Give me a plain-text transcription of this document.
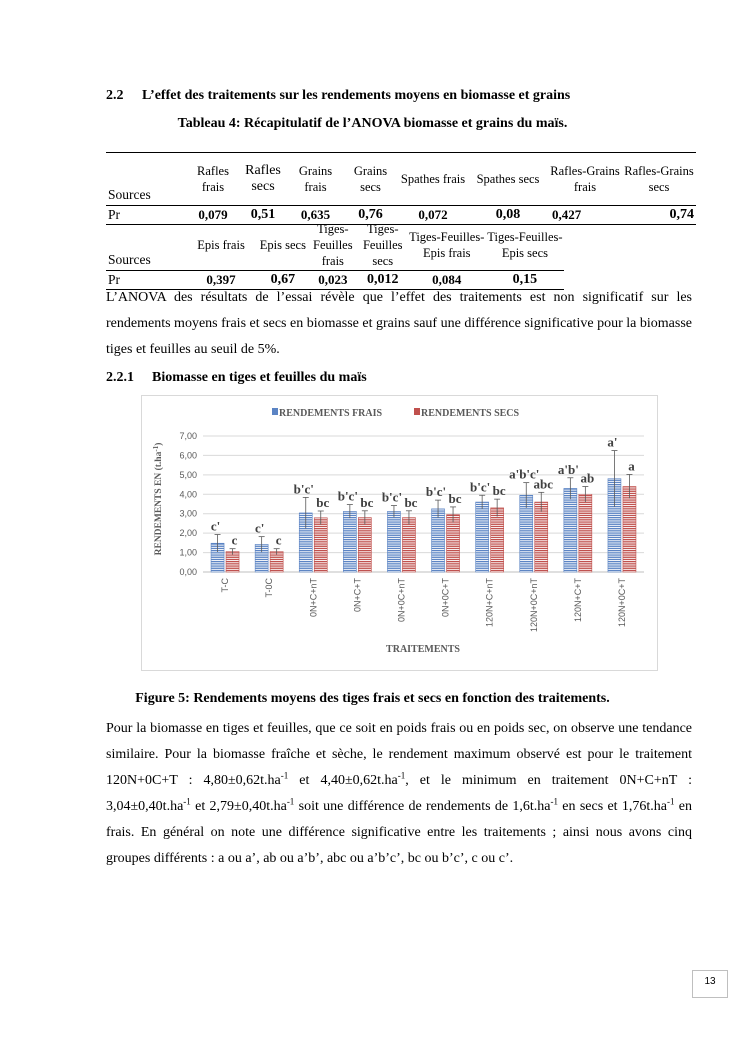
2.2 L’effet des traitements sur les rendements moyens en biomasse et grains
Tableau 4: Récapitulatif de l’ANOVA biomasse et grains du maïs.
Sources	Rafles frais	Rafles secs	Grains frais	Grains secs	Spathes frais	Spathes secs	Rafles-Grains frais	Rafles-Grains secs
Pr	0,079	0,51	0,635	0,76	0,072	0,08	0,427	0,74
Sources	Epis frais	Epis secs	Tiges-Feuilles frais	Tiges-Feuilles secs	Tiges-Feuilles-Epis frais	Tiges-Feuilles-Epis secs
Pr	0,397	0,67	0,023	0,012	0,084	0,15

L’ANOVA des résultats de l’essai révèle que l’effet des traitements est non significatif sur les rendements moyens frais et secs en biomasse et grains sauf une différence significative pour la biomasse tiges et feuilles au seuil de 5%.

2.2.1 Biomasse en tiges et feuilles du maïs
RENDEMENTS FRAIS	RENDEMENTS SECS
RENDEMENTS EN $(t.ha^{-1})$
TRAITEMENTS
0,00
1,00
2,00
3,00
4,00
5,00
6,00
7,00
T-C	T-0C	0N+C+nT	0N+C+T	0N+0C+nT	0N+0C+T	120N+C+nT	120N+0C+nT	120N+C+T	120N+0C+T
c'
c
c'
c
b'c'
bc b'c' bc b'c' bc
b'c' bc
b'c' bc
a'b'c'
abc
a'b'
ab
a'
a
Figure 5: Rendements moyens des tiges frais et secs en fonction des traitements.

Pour la biomasse en tiges et feuilles, que ce soit en poids frais ou en poids sec, on observe une tendance similaire. Pour la biomasse fraîche et sèche, le rendement maximum observé est pour le traitement 120N+0C+T : $4,80\pm 0,62t.ha^{-1}$ et $4,40\pm 0,62t.ha^{-1}$, et le minimum en traitement 0N+C+nT : $3,04\pm 0,40t.ha^{-1}$ et $2,79\pm 0,40t.ha^{-1}$ soit une différence de rendements de $1,6t.ha^{-1}$ en secs et $1,76t.ha^{-1}$ en frais. En général on note une différence significative entre les traitements ; ainsi nous avons cinq groupes différents : a ou a’, ab ou a’b’, abc ou a’b’c’, bc ou b’c’, c ou c’.

13
